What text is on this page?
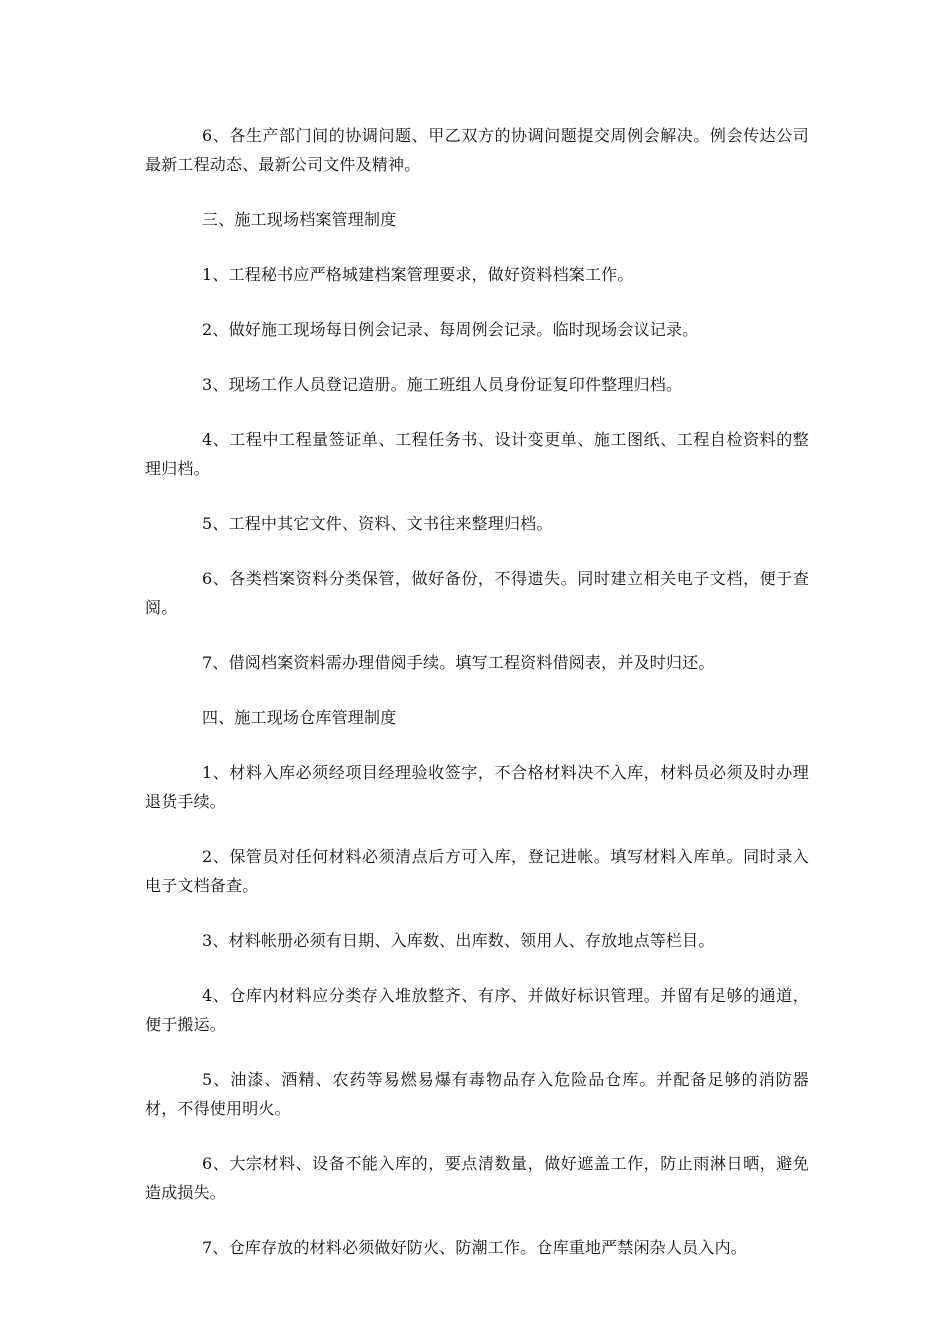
6、各生产部门间的协调问题、甲乙双方的协调问题提交周例会解决。例会传达公司最新工程动态、最新公司文件及精神。

三、施工现场档案管理制度

1、工程秘书应严格城建档案管理要求，做好资料档案工作。

2、做好施工现场每日例会记录、每周例会记录。临时现场会议记录。

3、现场工作人员登记造册。施工班组人员身份证复印件整理归档。

4、工程中工程量签证单、工程任务书、设计变更单、施工图纸、工程自检资料的整理归档。

5、工程中其它文件、资料、文书往来整理归档。

6、各类档案资料分类保管，做好备份，不得遗失。同时建立相关电子文档，便于查阅。

7、借阅档案资料需办理借阅手续。填写工程资料借阅表，并及时归还。

四、施工现场仓库管理制度

1、材料入库必须经项目经理验收签字，不合格材料决不入库，材料员必须及时办理退货手续。

2、保管员对任何材料必须清点后方可入库，登记进帐。填写材料入库单。同时录入电子文档备查。

3、材料帐册必须有日期、入库数、出库数、领用人、存放地点等栏目。

4、仓库内材料应分类存入堆放整齐、有序、并做好标识管理。并留有足够的通道，便于搬运。

5、油漆、酒精、农药等易燃易爆有毒物品存入危险品仓库。并配备足够的消防器材，不得使用明火。

6、大宗材料、设备不能入库的，要点清数量，做好遮盖工作，防止雨淋日晒，避免造成损失。

7、仓库存放的材料必须做好防火、防潮工作。仓库重地严禁闲杂人员入内。
